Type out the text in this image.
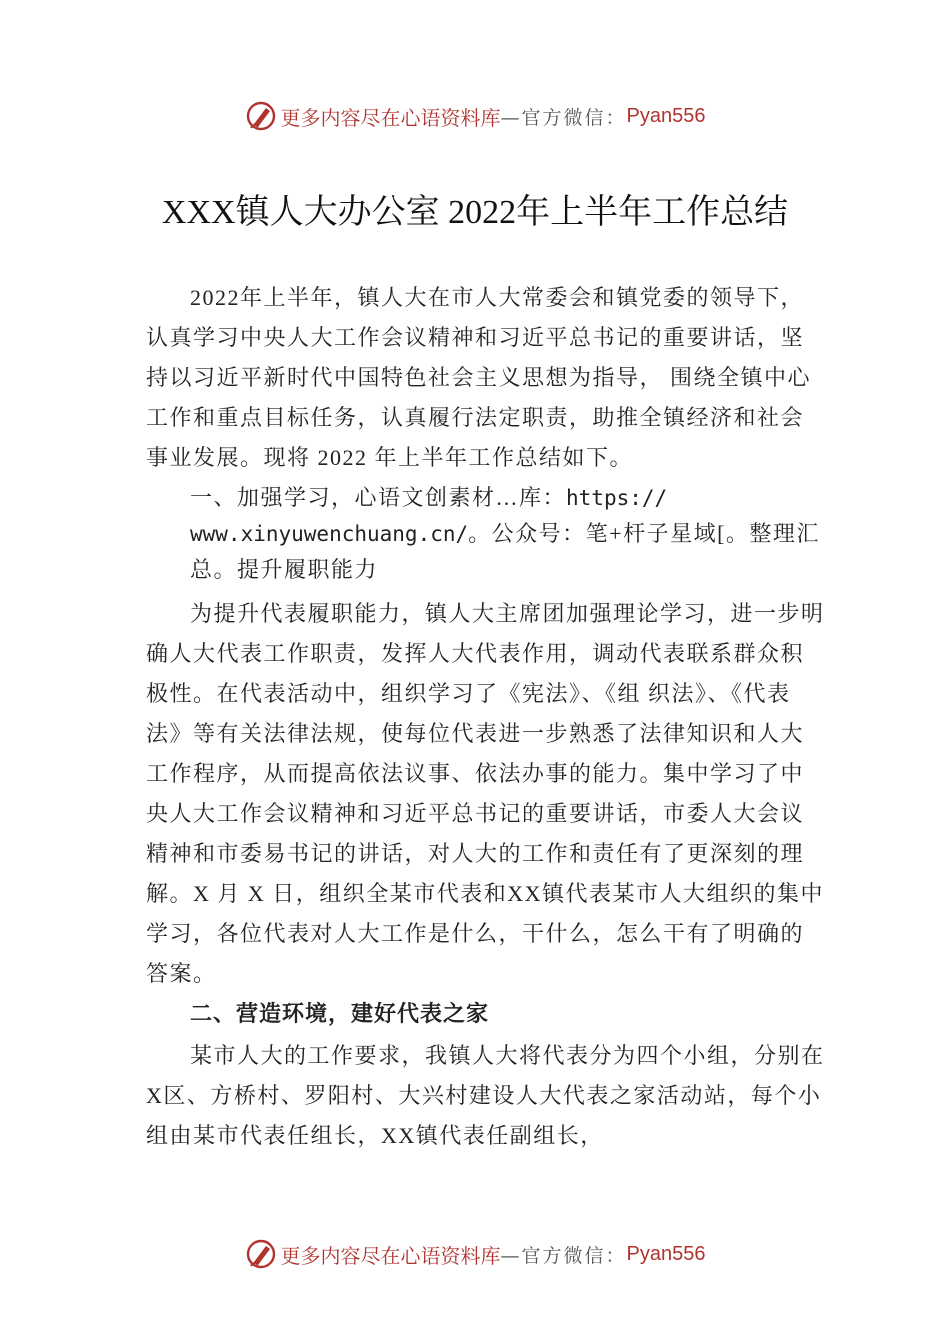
更多内容尽在心语资料库 —官方微信： Pyan556
XXX镇人大办公室 2022年上半年工作总结

2022年上半年，镇人大在市人大常委会和镇党委的领导下，认真学习中央人大工作会议精神和习近平总书记的重要讲话，坚持以习近平新时代中国特色社会主义思想为指导， 围绕全镇中心工作和重点目标任务，认真履行法定职责，助推全镇经济和社会事业发展。现将 2022 年上半年工作总结如下。

一、加强学习，心语文创素材…库：https:// www.xinyuwenchuang.cn/。公众号：笔+杆子星域[。整理汇总。提升履职能力

为提升代表履职能力，镇人大主席团加强理论学习，进一步明确人大代表工作职责，发挥人大代表作用，调动代表联系群众积极性。在代表活动中，组织学习了《宪法》、《组 织法》、《代表法》等有关法律法规，使每位代表进一步熟悉了法律知识和人大工作程序，从而提高依法议事、依法办事的能力。集中学习了中央人大工作会议精神和习近平总书记的重要讲话，市委人大会议精神和市委易书记的讲话，对人大的工作和责任有了更深刻的理解。X 月 X 日，组织全某市代表和XX镇代表某市人大组织的集中学习，各位代表对人大工作是什么，干什么，怎么干有了明确的答案。

二、营造环境，建好代表之家

某市人大的工作要求，我镇人大将代表分为四个小组，分别在X区、方桥村、罗阳村、大兴村建设人大代表之家活动站，每个小组由某市代表任组长，XX镇代表任副组长，

更多内容尽在心语资料库 —官方微信： Pyan556
